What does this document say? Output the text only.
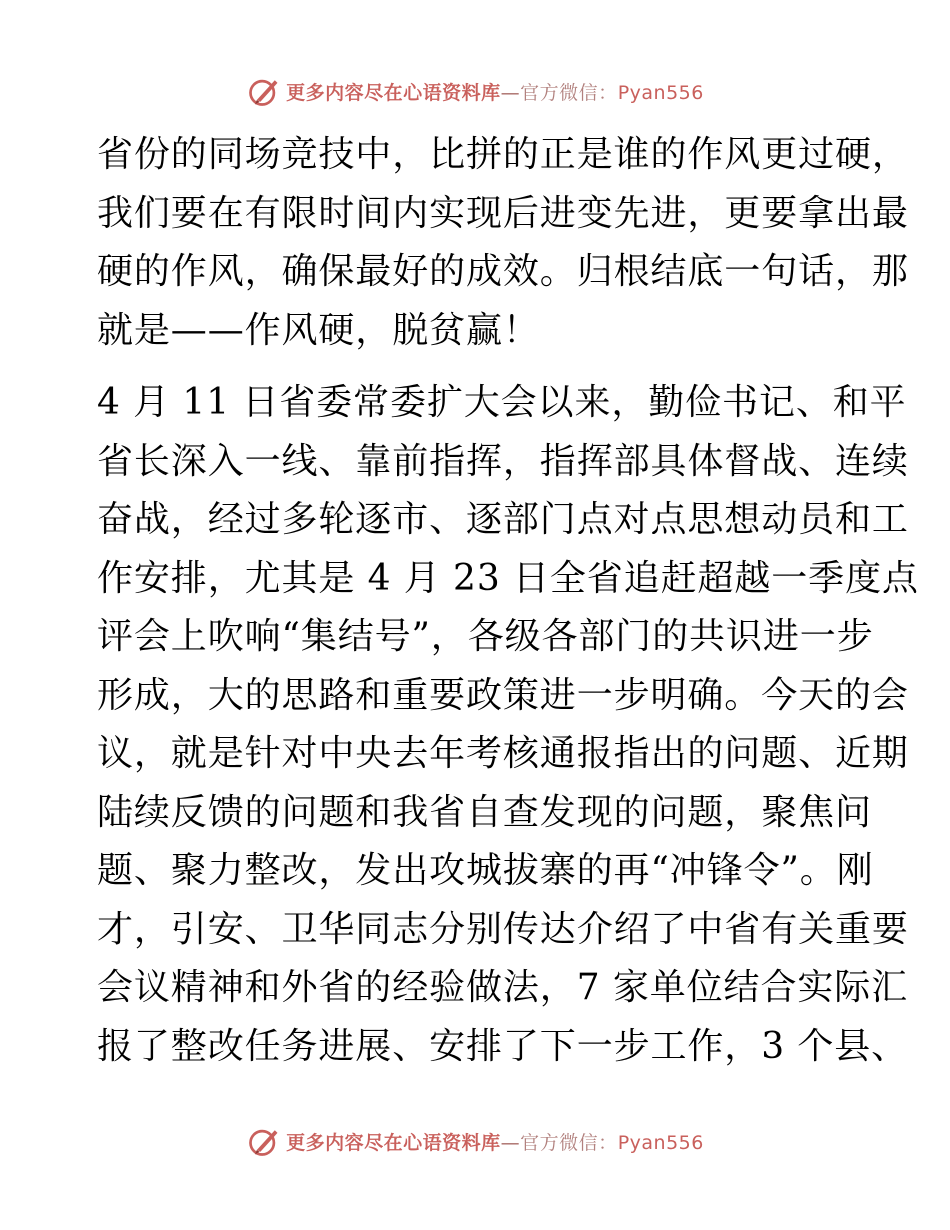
更多内容尽在心语资料库—官方微信：Pyan556

省份的同场竞技中，比拼的正是谁的作风更过硬，
我们要在有限时间内实现后进变先进，更要拿出最
硬的作风，确保最好的成效。归根结底一句话，那
就是——作风硬，脱贫赢！

4 月 11 日省委常委扩大会以来，勤俭书记、和平
省长深入一线、靠前指挥，指挥部具体督战、连续
奋战，经过多轮逐市、逐部门点对点思想动员和工
作安排，尤其是 4 月 23 日全省追赶超越一季度点
评会上吹响“集结号”，各级各部门的共识进一步
形成，大的思路和重要政策进一步明确。今天的会
议，就是针对中央去年考核通报指出的问题、近期
陆续反馈的问题和我省自查发现的问题，聚焦问
题、聚力整改，发出攻城拔寨的再“冲锋令”。刚
才，引安、卫华同志分别传达介绍了中省有关重要
会议精神和外省的经验做法，7 家单位结合实际汇
报了整改任务进展、安排了下一步工作，3 个县、

更多内容尽在心语资料库—官方微信：Pyan556
